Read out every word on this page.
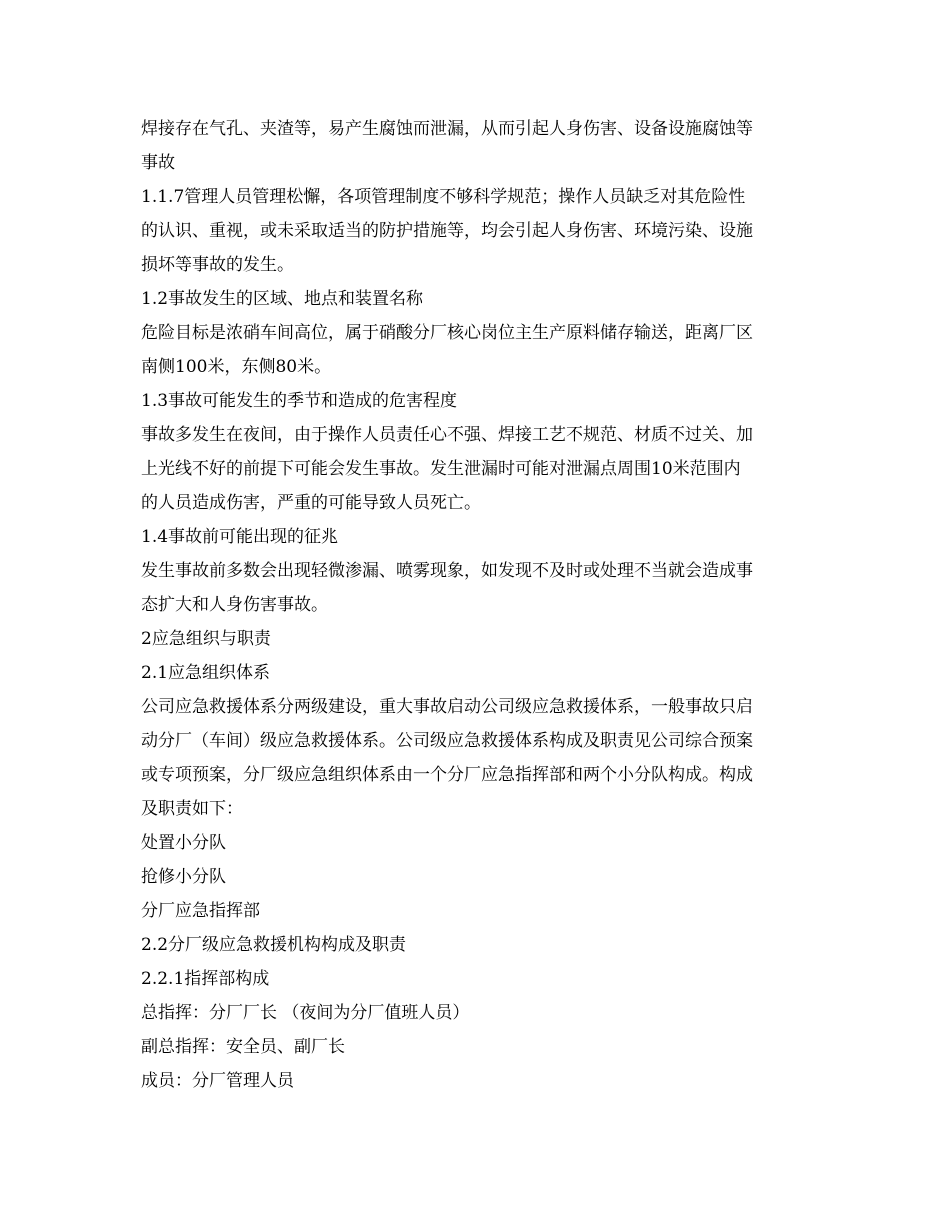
焊接存在气孔、夹渣等，易产生腐蚀而泄漏，从而引起人身伤害、设备设施腐蚀等
事故
1.1.7管理人员管理松懈，各项管理制度不够科学规范；操作人员缺乏对其危险性
的认识、重视，或未采取适当的防护措施等，均会引起人身伤害、环境污染、设施
损坏等事故的发生。
1.2事故发生的区域、地点和装置名称
危险目标是浓硝车间高位，属于硝酸分厂核心岗位主生产原料储存输送，距离厂区
南侧100米，东侧80米。
1.3事故可能发生的季节和造成的危害程度
事故多发生在夜间，由于操作人员责任心不强、焊接工艺不规范、材质不过关、加
上光线不好的前提下可能会发生事故。发生泄漏时可能对泄漏点周围10米范围内
的人员造成伤害，严重的可能导致人员死亡。
1.4事故前可能出现的征兆
发生事故前多数会出现轻微渗漏、喷雾现象，如发现不及时或处理不当就会造成事
态扩大和人身伤害事故。
2应急组织与职责
2.1应急组织体系
公司应急救援体系分两级建设，重大事故启动公司级应急救援体系，一般事故只启
动分厂（车间）级应急救援体系。公司级应急救援体系构成及职责见公司综合预案
或专项预案，分厂级应急组织体系由一个分厂应急指挥部和两个小分队构成。构成
及职责如下：
处置小分队
抢修小分队
分厂应急指挥部
2.2分厂级应急救援机构构成及职责
2.2.1指挥部构成
总指挥：分厂厂长 （夜间为分厂值班人员）
副总指挥：安全员、副厂长
成员：分厂管理人员
